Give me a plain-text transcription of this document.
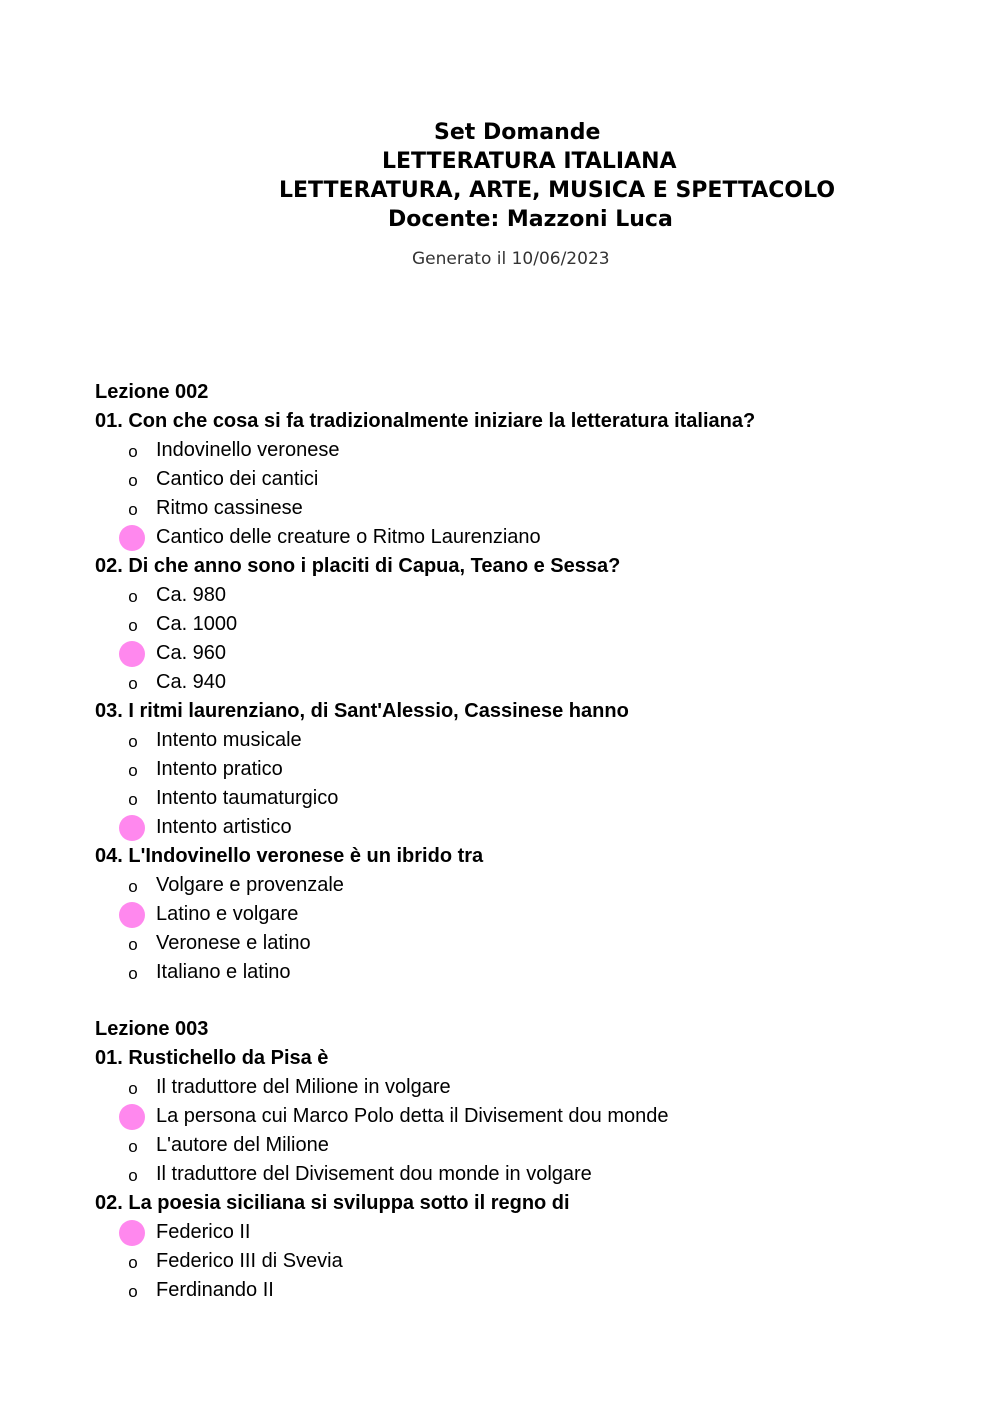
Set Domande
LETTERATURA ITALIANA
LETTERATURA, ARTE, MUSICA E SPETTACOLO
Docente: Mazzoni Luca
Generato il 10/06/2023
Lezione 002
01. Con che cosa si fa tradizionalmente iniziare la letteratura italiana?
o Indovinello veronese
o Cantico dei cantici
o Ritmo cassinese
Cantico delle creature o Ritmo Laurenziano
02. Di che anno sono i placiti di Capua, Teano e Sessa?
o Ca. 980
o Ca. 1000
Ca. 960
o Ca. 940
03. I ritmi laurenziano, di Sant'Alessio, Cassinese hanno
o Intento musicale
o Intento pratico
o Intento taumaturgico
Intento artistico
04. L'Indovinello veronese è un ibrido tra
o Volgare e provenzale
Latino e volgare
o Veronese e latino
o Italiano e latino
Lezione 003
01. Rustichello da Pisa è
o Il traduttore del Milione in volgare
La persona cui Marco Polo detta il Divisement dou monde
o L'autore del Milione
o Il traduttore del Divisement dou monde in volgare
02. La poesia siciliana si sviluppa sotto il regno di
Federico II
o Federico III di Svevia
o Ferdinando II
